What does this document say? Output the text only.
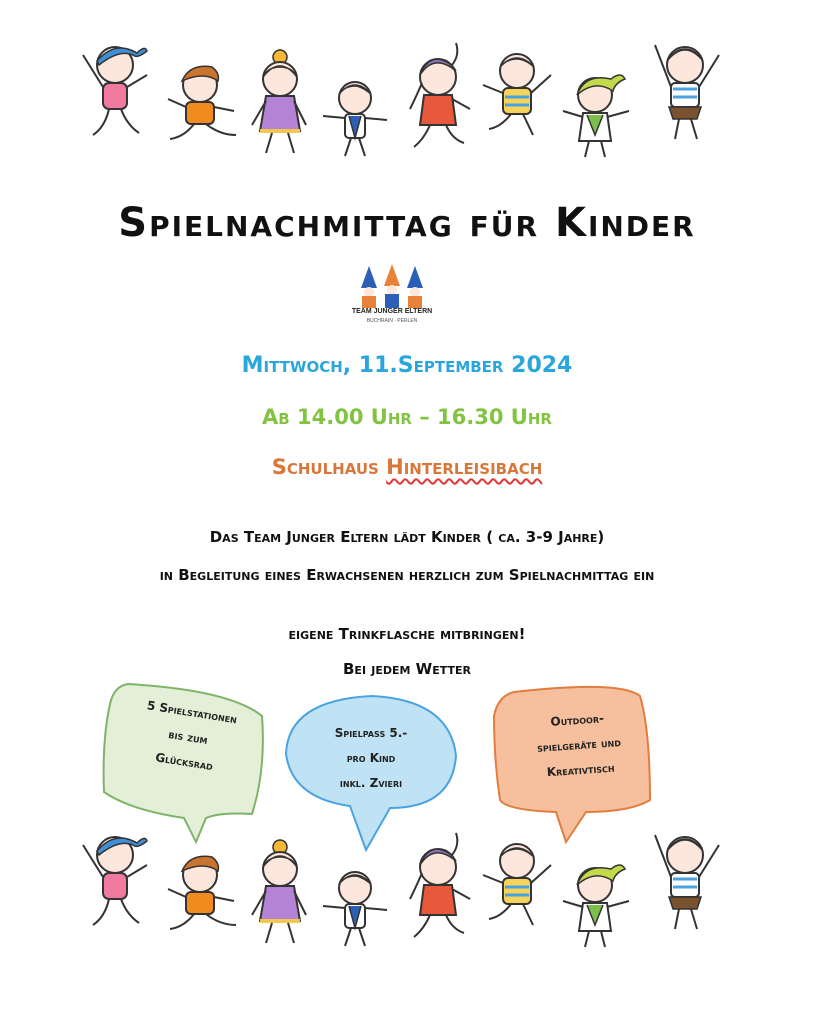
Spielnachmittag für Kinder
TEAM JUNGER ELTERN
BUCHRAIN · PERLEN
Mittwoch, 11.September 2024
Ab 14.00 Uhr – 16.30 Uhr
Schulhaus Hinterleisibach
Das Team Junger Eltern lädt Kinder ( ca. 3-9 Jahre)
in Begleitung eines Erwachsenen herzlich zum Spielnachmittag ein
eigene Trinkflasche mitbringen!
Bei jedem Wetter
5 Spielstationen
bis zum
Glücksrad
Spielpass 5.-
pro Kind
inkl. Zvieri
Outdoor-
spielgeräte und
Kreativtisch
